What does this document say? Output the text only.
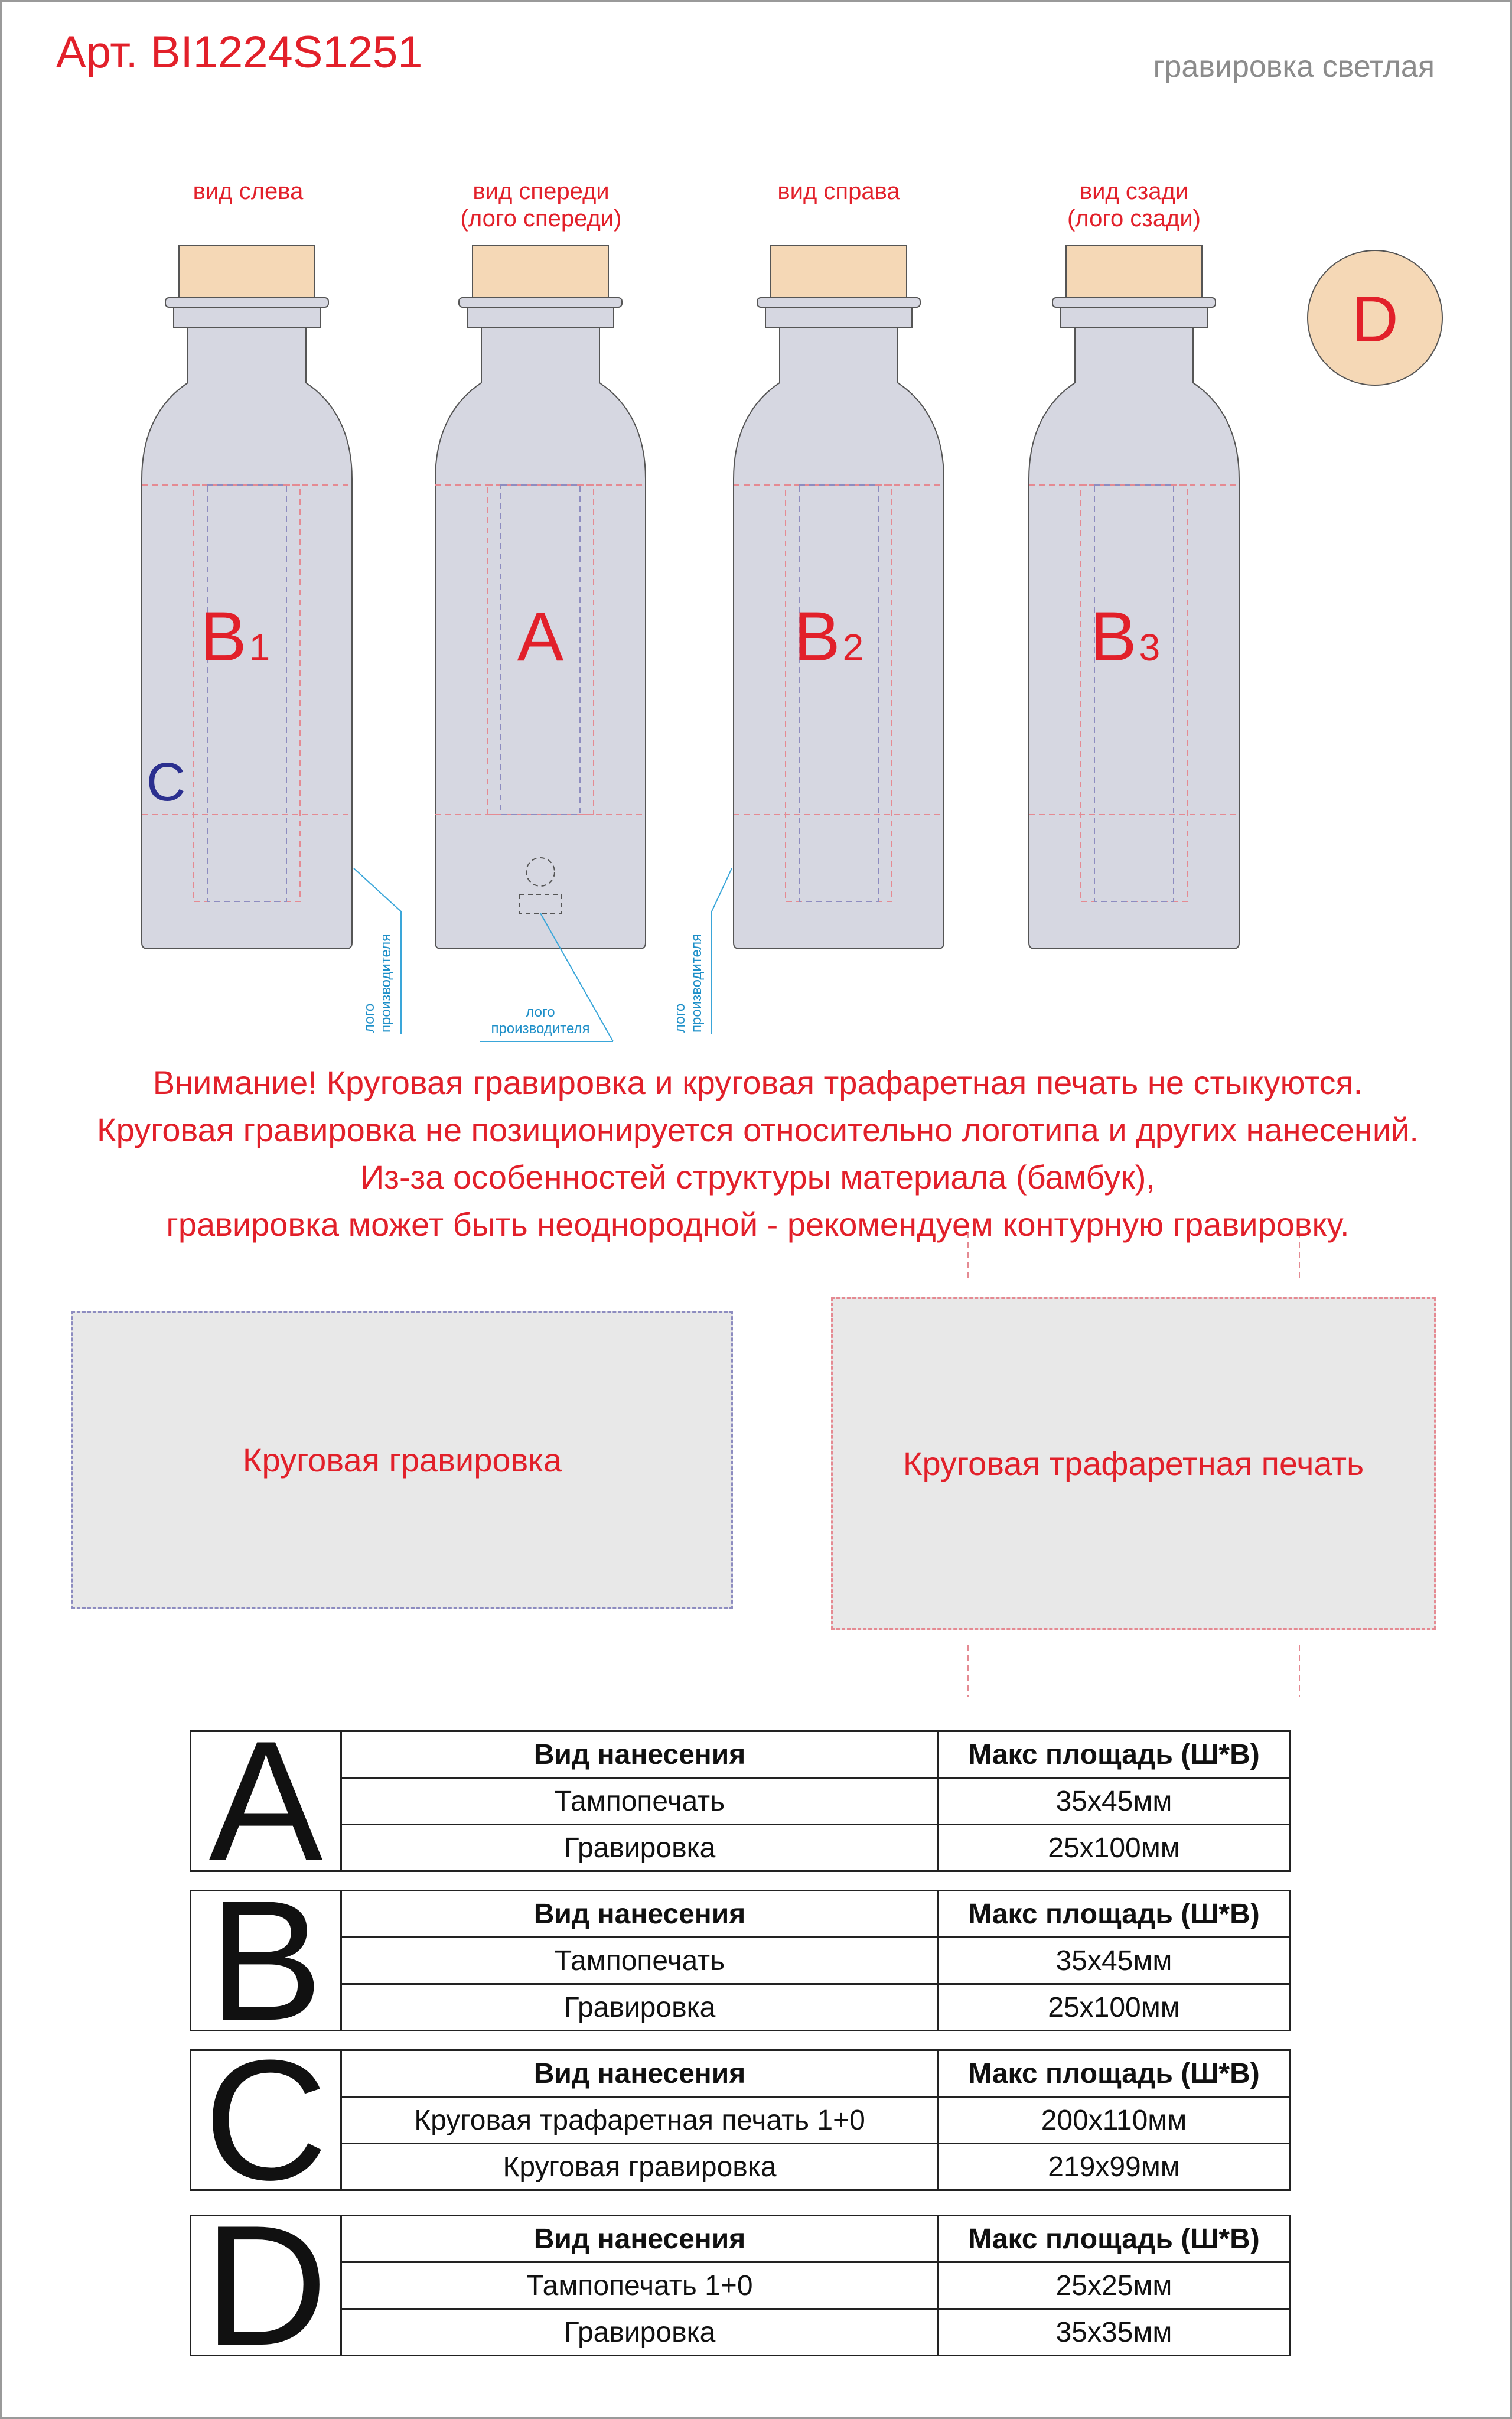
Арт. BI1224S1251	гравировка светлая
вид слева	вид спереди
(лого спереди)
вид справа	вид сзади
(лого сзади)
B1	A	B2	B3
C
D
логопроизводителя	логопроизводителя
лого производителя
Внимание! Круговая гравировка и круговая трафаретная печать не стыкуются.
Круговая гравировка не позиционируется относительно логотипа и других нанесений.
Из-за особенностей структуры материала (бамбук),
гравировка может быть неоднородной - рекомендуем контурную гравировку.
Круговая гравировка	Круговая трафаретная печать
A	Вид нанесения	Макс площадь (Ш*В)
	Тампопечать	35x45мм
	Гравировка	25x100мм
B	Вид нанесения	Макс площадь (Ш*В)
	Тампопечать	35x45мм
	Гравировка	25x100мм
C	Вид нанесения	Макс площадь (Ш*В)
	Круговая трафаретная печать 1+0	200x110мм
	Круговая гравировка	219x99мм
D	Вид нанесения	Макс площадь (Ш*В)
	Тампопечать 1+0	25x25мм
	Гравировка	35x35мм
